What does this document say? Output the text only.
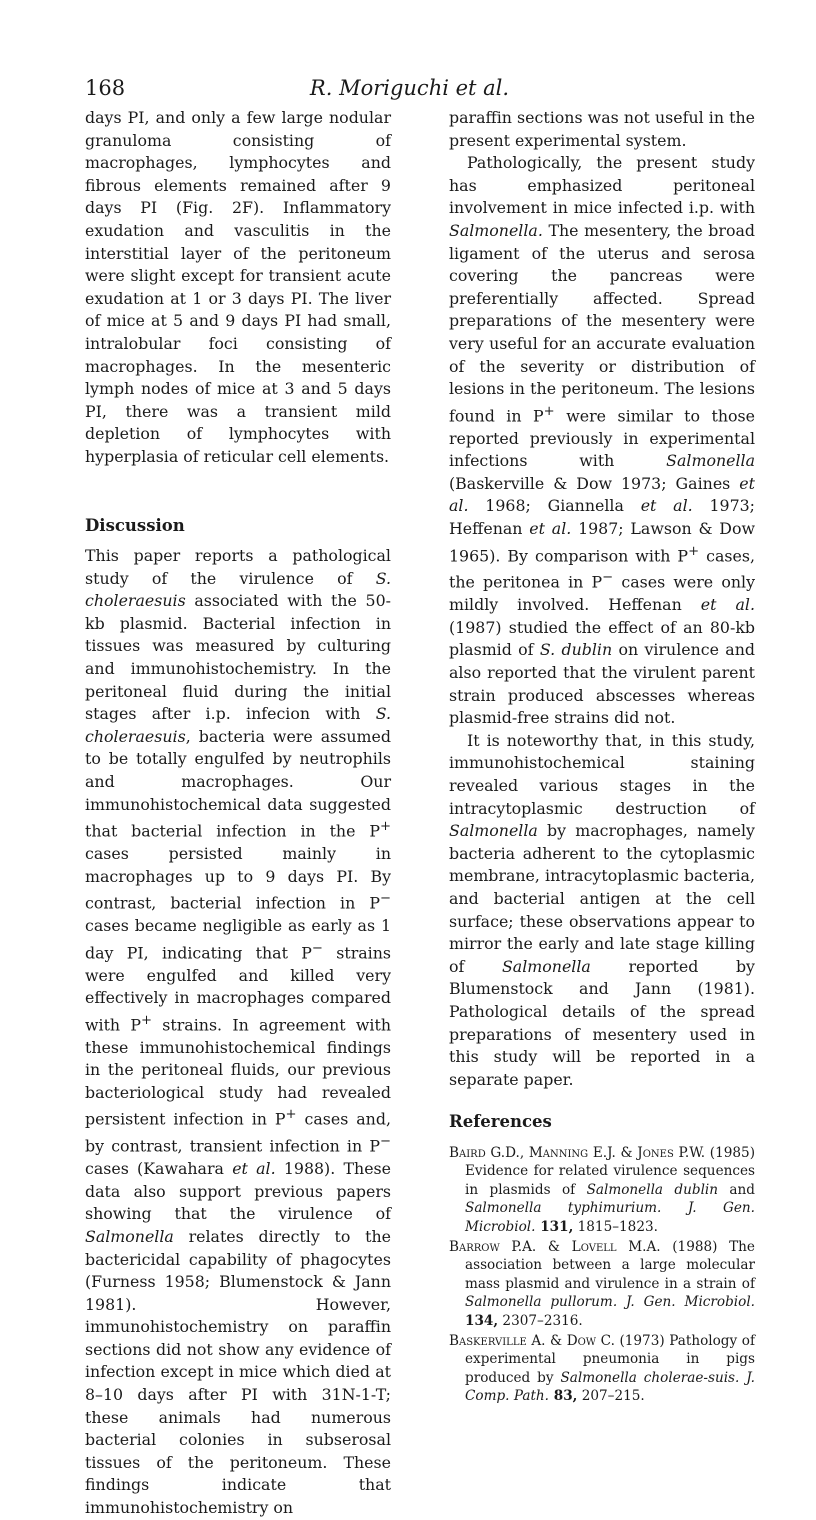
168	R. Moriguchi et al.

days PI, and only a few large nodular granuloma consisting of macrophages, lymphocytes and fibrous elements remained after 9 days PI (Fig. 2F). Inflammatory exudation and vasculitis in the interstitial layer of the peritoneum were slight except for transient acute exudation at 1 or 3 days PI. The liver of mice at 5 and 9 days PI had small, intralobular foci consisting of macrophages. In the mesenteric lymph nodes of mice at 3 and 5 days PI, there was a transient mild depletion of lymphocytes with hyperplasia of reticular cell elements.

Discussion

This paper reports a pathological study of the virulence of S. choleraesuis associated with the 50-kb plasmid. Bacterial infection in tissues was measured by culturing and immunohistochemistry. In the peritoneal fluid during the initial stages after i.p. infecion with S. choleraesuis, bacteria were assumed to be totally engulfed by neutrophils and macrophages. Our immunohistochemical data suggested that bacterial infection in the P+ cases persisted mainly in macrophages up to 9 days PI. By contrast, bacterial infection in P− cases became negligible as early as 1 day PI, indicating that P− strains were engulfed and killed very effectively in macrophages compared with P+ strains. In agreement with these immunohistochemical findings in the peritoneal fluids, our previous bacteriological study had revealed persistent infection in P+ cases and, by contrast, transient infection in P− cases (Kawahara et al. 1988). These data also support previous papers showing that the virulence of Salmonella relates directly to the bactericidal capability of phagocytes (Furness 1958; Blumenstock & Jann 1981). However, immunohistochemistry on paraffin sections did not show any evidence of infection except in mice which died at 8–10 days after PI with 31N-1-T; these animals had numerous bacterial colonies in subserosal tissues of the peritoneum. These findings indicate that immunohistochemistry on

paraffin sections was not useful in the present experimental system.

Pathologically, the present study has emphasized peritoneal involvement in mice infected i.p. with Salmonella. The mesentery, the broad ligament of the uterus and serosa covering the pancreas were preferentially affected. Spread preparations of the mesentery were very useful for an accurate evaluation of the severity or distribution of lesions in the peritoneum. The lesions found in P+ were similar to those reported previously in experimental infections with Salmonella (Baskerville & Dow 1973; Gaines et al. 1968; Giannella et al. 1973; Heffenan et al. 1987; Lawson & Dow 1965). By comparison with P+ cases, the peritonea in P− cases were only mildly involved. Heffenan et al. (1987) studied the effect of an 80-kb plasmid of S. dublin on virulence and also reported that the virulent parent strain produced abscesses whereas plasmid-free strains did not.

It is noteworthy that, in this study, immunohistochemical staining revealed various stages in the intracytoplasmic destruction of Salmonella by macrophages, namely bacteria adherent to the cytoplasmic membrane, intracytoplasmic bacteria, and bacterial antigen at the cell surface; these observations appear to mirror the early and late stage killing of Salmonella reported by Blumenstock and Jann (1981). Pathological details of the spread preparations of mesentery used in this study will be reported in a separate paper.

References
Baird G.D., Manning E.J. & Jones P.W. (1985) Evidence for related virulence sequences in plasmids of Salmonella dublin and Salmonella typhimurium. J. Gen. Microbiol. 131, 1815–1823.
Barrow P.A. & Lovell M.A. (1988) The association between a large molecular mass plasmid and virulence in a strain of Salmonella pullorum. J. Gen. Microbiol. 134, 2307–2316.
Baskerville A. & Dow C. (1973) Pathology of experimental pneumonia in pigs produced by Salmonella cholerae-suis. J. Comp. Path. 83, 207–215.
